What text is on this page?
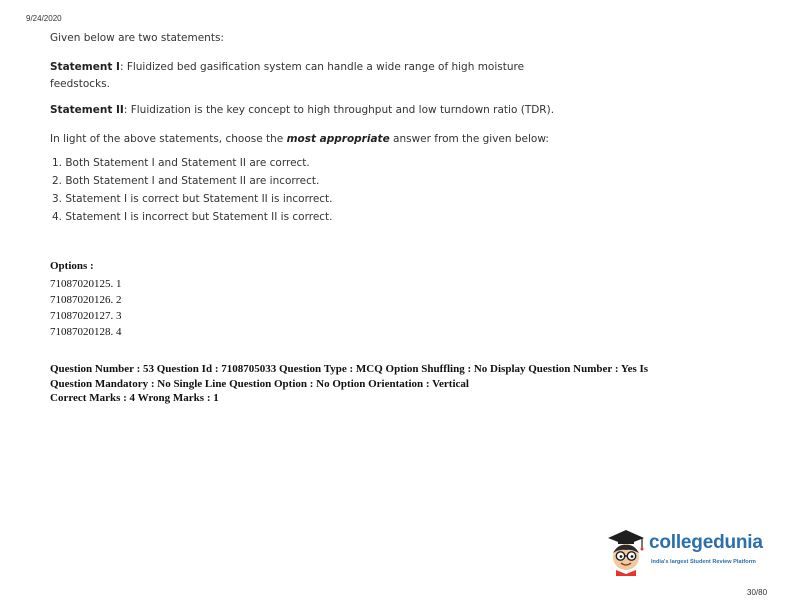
9/24/2020
Given below are two statements:
Statement I: Fluidized bed gasification system can handle a wide range of high moisture feedstocks.
Statement II: Fluidization is the key concept to high throughput and low turndown ratio (TDR).
In light of the above statements, choose the most appropriate answer from the given below:
1. Both Statement I and Statement II are correct.
2. Both Statement I and Statement II are incorrect.
3. Statement I is correct but Statement II is incorrect.
4. Statement I is incorrect but Statement II is correct.
Options :
71087020125. 1
71087020126. 2
71087020127. 3
71087020128. 4
Question Number : 53 Question Id : 7108705033 Question Type : MCQ Option Shuffling : No Display Question Number : Yes Is
Question Mandatory : No Single Line Question Option : No Option Orientation : Vertical
Correct Marks : 4 Wrong Marks : 1
collegedunia
India's largest Student Review Platform
30/80
